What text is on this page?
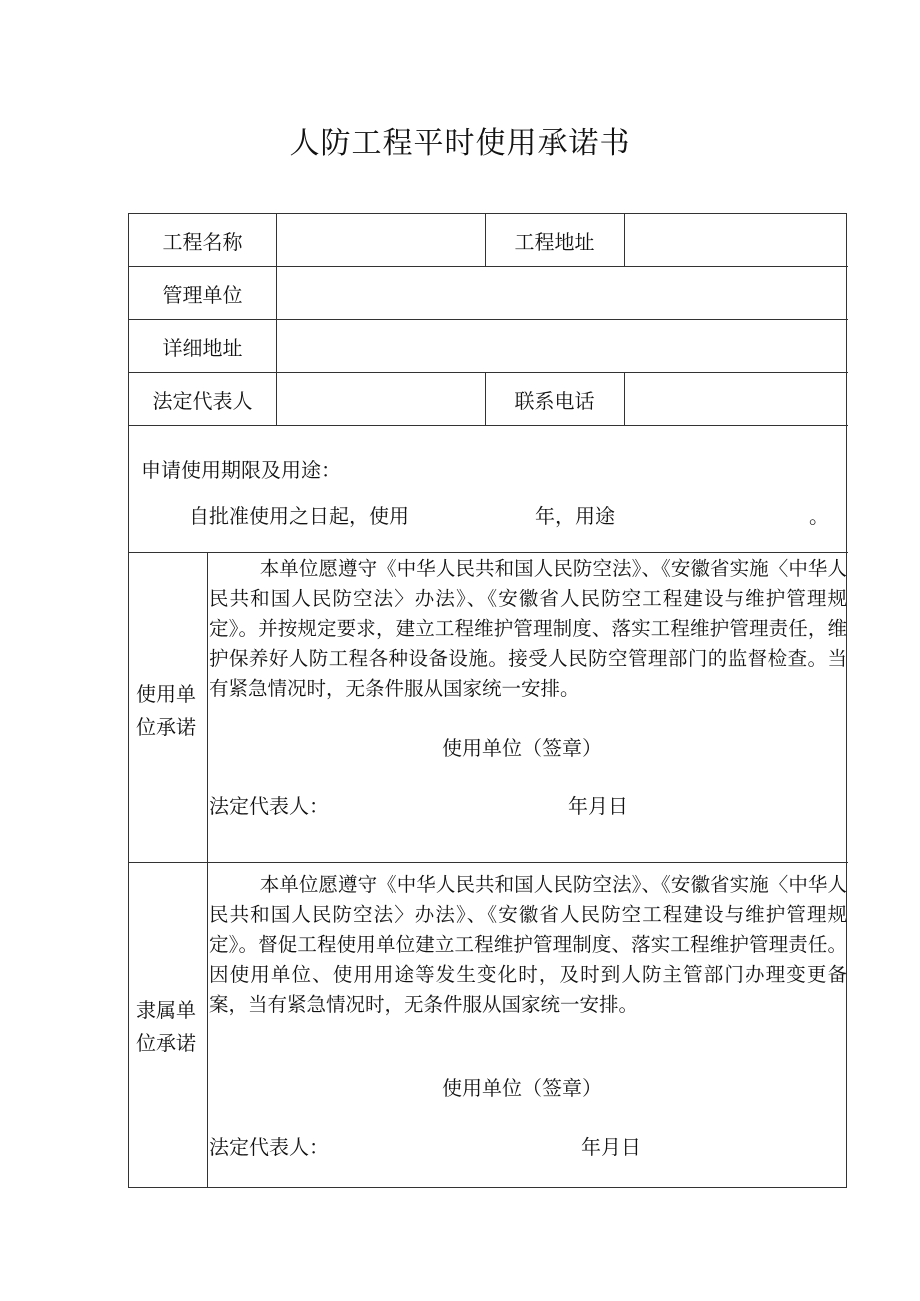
人防工程平时使用承诺书
工程名称	工程地址
管理单位
详细地址
法定代表人	联系电话
申请使用期限及用途：
自批准使用之日起，使用	年，用途	。
使用单位承诺

本单位愿遵守《中华人民共和国人民防空法》、《安徽省实施〈中华人民共和国人民防空法〉办法》、《安徽省人民防空工程建设与维护管理规定》。并按规定要求，建立工程维护管理制度、落实工程维护管理责任，维护保养好人防工程各种设备设施。接受人民防空管理部门的监督检查。当有紧急情况时，无条件服从国家统一安排。

使用单位（签章）
法定代表人：	年月日
隶属单位承诺

本单位愿遵守《中华人民共和国人民防空法》、《安徽省实施〈中华人民共和国人民防空法〉办法》、《安徽省人民防空工程建设与维护管理规定》。督促工程使用单位建立工程维护管理制度、落实工程维护管理责任。因使用单位、使用用途等发生变化时，及时到人防主管部门办理变更备案，当有紧急情况时，无条件服从国家统一安排。

使用单位（签章）
法定代表人：	年月日
